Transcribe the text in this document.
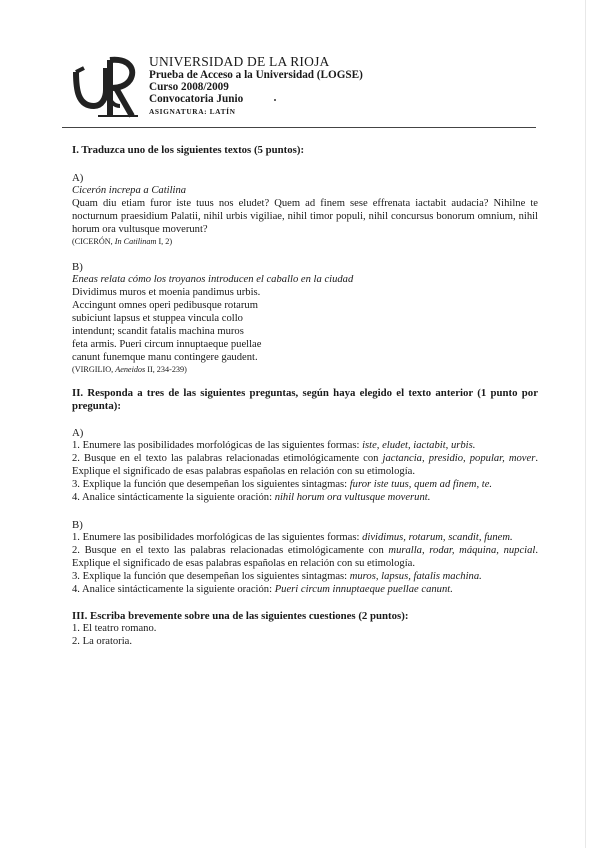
UNIVERSIDAD DE LA RIOJA
Prueba de Acceso a la Universidad (LOGSE)
Curso 2008/2009
Convocatoria Junio
ASIGNATURA: LATÍN

I. Traduzca uno de los siguientes textos (5 puntos):

A)

Cicerón increpa a Catilina

Quam diu etiam furor iste tuus nos eludet? Quem ad finem sese effrenata iactabit audacia? Nihilne te nocturnum praesidium Palatii, nihil urbis vigiliae, nihil timor populi, nihil concursus bonorum omnium, nihil horum ora vultusque moverunt?

(CICERÓN, In Catilinam I, 2)

B)

Eneas relata cómo los troyanos introducen el caballo en la ciudad

Dividimus muros et moenia pandimus urbis.

Accingunt omnes operi pedibusque rotarum

subiciunt lapsus et stuppea vincula collo

intendunt; scandit fatalis machina muros

feta armis. Pueri circum innuptaeque puellae

canunt funemque manu contingere gaudent.

(VIRGILIO, Aeneidos II, 234-239)

II. Responda a tres de las siguientes preguntas, según haya elegido el texto anterior (1 punto por pregunta):

A)

1. Enumere las posibilidades morfológicas de las siguientes formas: iste, eludet, iactabit, urbis.
2. Busque en el texto las palabras relacionadas etimológicamente con jactancia, presidio, popular, mover. Explique el significado de esas palabras españolas en relación con su etimología.
3. Explique la función que desempeñan los siguientes sintagmas: furor iste tuus, quem ad finem, te.
4. Analice sintácticamente la siguiente oración: nihil horum ora vultusque moverunt.

B)

1. Enumere las posibilidades morfológicas de las siguientes formas: dividimus, rotarum, scandit, funem.
2. Busque en el texto las palabras relacionadas etimológicamente con muralla, rodar, máquina, nupcial. Explique el significado de esas palabras españolas en relación con su etimología.
3. Explique la función que desempeñan los siguientes sintagmas: muros, lapsus, fatalis machina.
4. Analice sintácticamente la siguiente oración: Pueri circum innuptaeque puellae canunt.

III. Escriba brevemente sobre una de las siguientes cuestiones (2 puntos):

1. El teatro romano.

2. La oratoria.
